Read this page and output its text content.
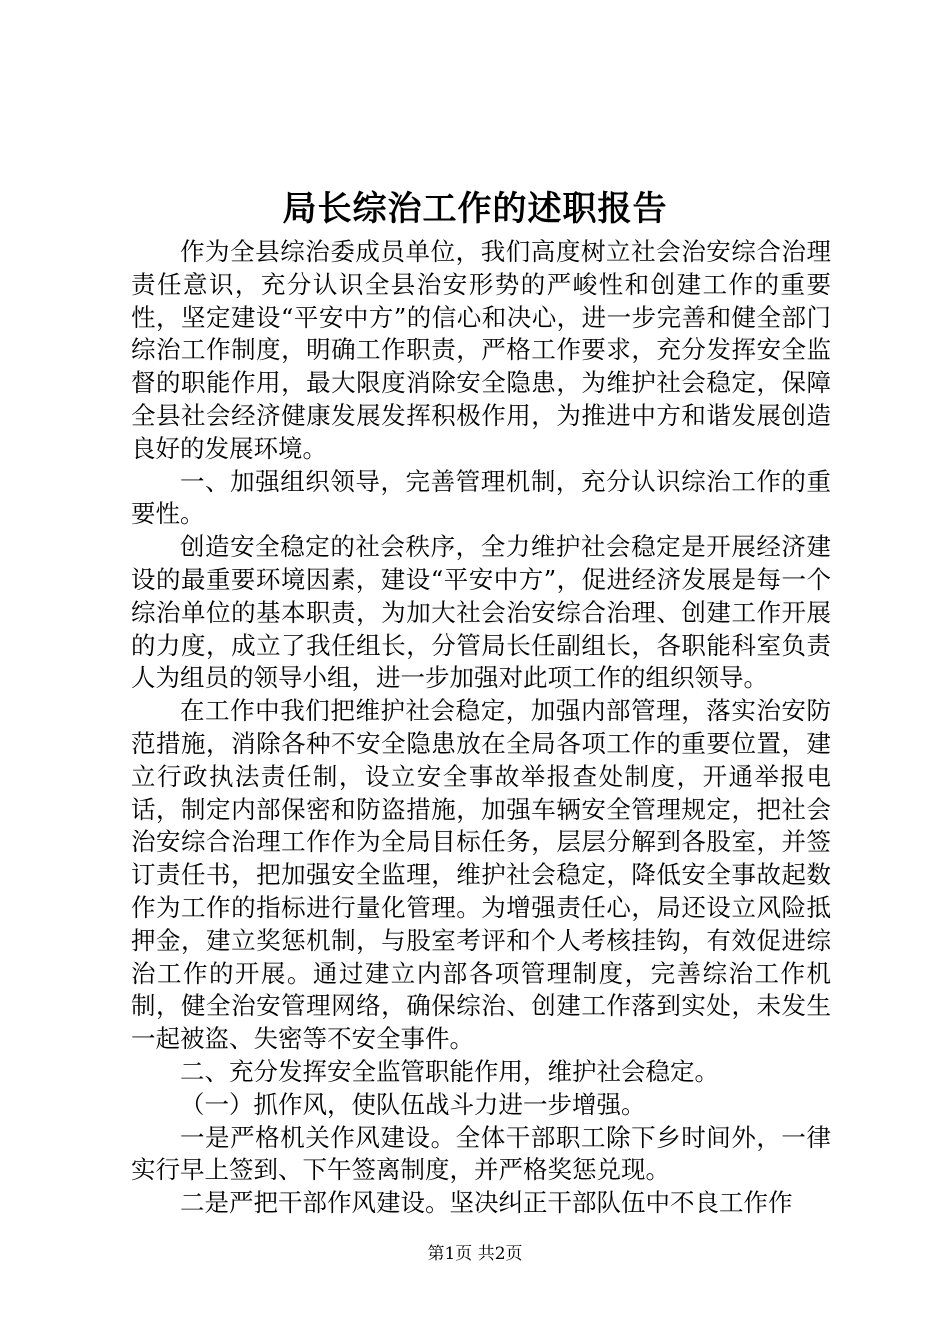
局长综治工作的述职报告

作为全县综治委成员单位，我们高度树立社会治安综合治理责任意识，充分认识全县治安形势的严峻性和创建工作的重要性，坚定建设“平安中方”的信心和决心，进一步完善和健全部门综治工作制度，明确工作职责，严格工作要求，充分发挥安全监督的职能作用，最大限度消除安全隐患，为维护社会稳定，保障全县社会经济健康发展发挥积极作用，为推进中方和谐发展创造良好的发展环境。

一、加强组织领导，完善管理机制，充分认识综治工作的重要性。

创造安全稳定的社会秩序，全力维护社会稳定是开展经济建设的最重要环境因素，建设“平安中方”，促进经济发展是每一个综治单位的基本职责，为加大社会治安综合治理、创建工作开展的力度，成立了我任组长，分管局长任副组长，各职能科室负责人为组员的领导小组，进一步加强对此项工作的组织领导。

在工作中我们把维护社会稳定，加强内部管理，落实治安防范措施，消除各种不安全隐患放在全局各项工作的重要位置，建立行政执法责任制，设立安全事故举报查处制度，开通举报电话，制定内部保密和防盗措施，加强车辆安全管理规定，把社会治安综合治理工作作为全局目标任务，层层分解到各股室，并签订责任书，把加强安全监理，维护社会稳定，降低安全事故起数作为工作的指标进行量化管理。为增强责任心，局还设立风险抵押金，建立奖惩机制，与股室考评和个人考核挂钩，有效促进综治工作的开展。通过建立内部各项管理制度，完善综治工作机制，健全治安管理网络，确保综治、创建工作落到实处，未发生一起被盗、失密等不安全事件。

二、充分发挥安全监管职能作用，维护社会稳定。

（一）抓作风，使队伍战斗力进一步增强。

一是严格机关作风建设。全体干部职工除下乡时间外，一律实行早上签到、下午签离制度，并严格奖惩兑现。

二是严把干部作风建设。坚决纠正干部队伍中不良工作作

第1页 共2页
